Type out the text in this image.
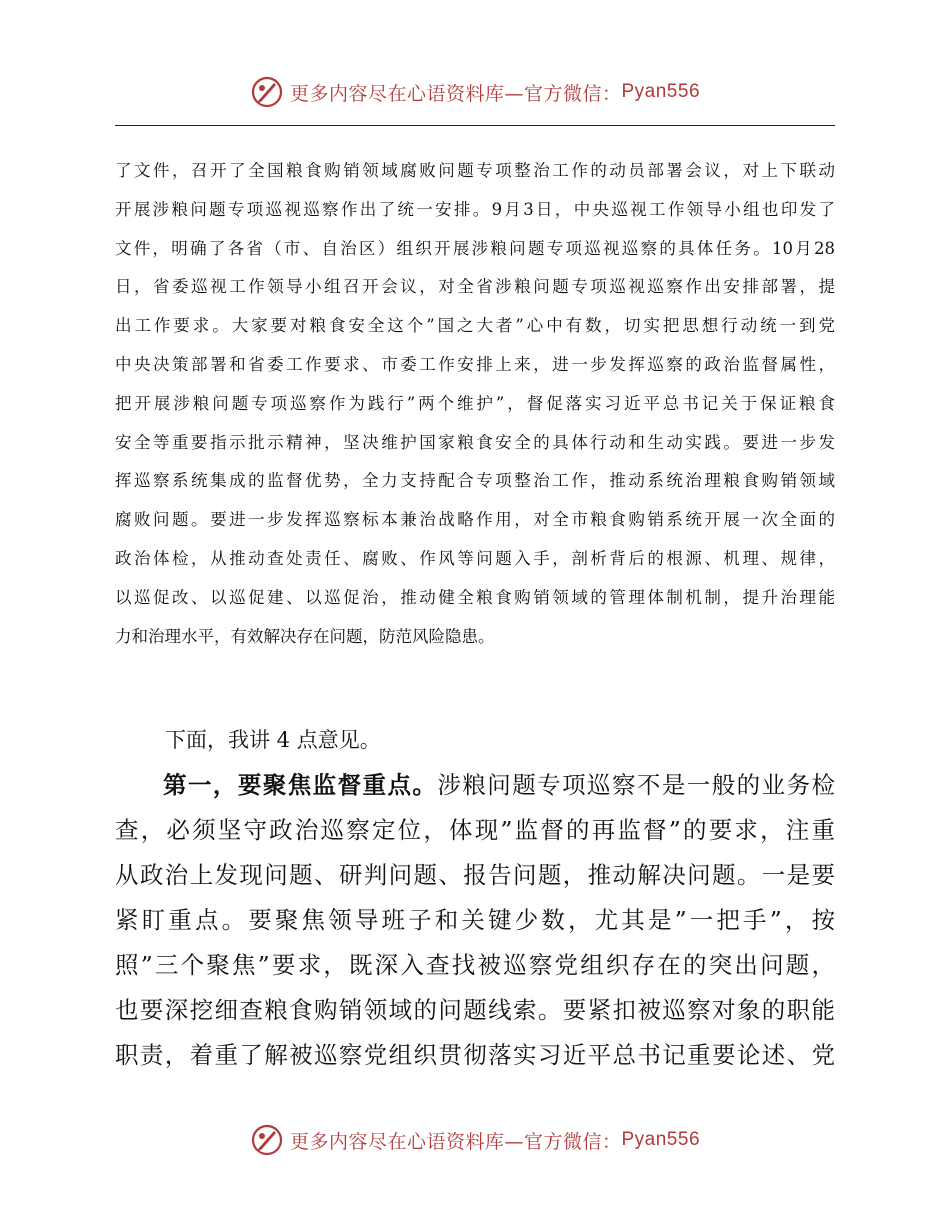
更多内容尽在心语资料库—官方微信： Pyan556
了文件，召开了全国粮食购销领域腐败问题专项整治工作的动员部署会议，对上下联动
开展涉粮问题专项巡视巡察作出了统一安排。9月3日，中央巡视工作领导小组也印发了
文件，明确了各省（市、自治区）组织开展涉粮问题专项巡视巡察的具体任务。10月28
日，省委巡视工作领导小组召开会议，对全省涉粮问题专项巡视巡察作出安排部署，提
出工作要求。大家要对粮食安全这个”国之大者”心中有数，切实把思想行动统一到党
中央决策部署和省委工作要求、市委工作安排上来，进一步发挥巡察的政治监督属性，
把开展涉粮问题专项巡察作为践行”两个维护”，督促落实习近平总书记关于保证粮食
安全等重要指示批示精神，坚决维护国家粮食安全的具体行动和生动实践。要进一步发
挥巡察系统集成的监督优势，全力支持配合专项整治工作，推动系统治理粮食购销领域
腐败问题。要进一步发挥巡察标本兼治战略作用，对全市粮食购销系统开展一次全面的
政治体检，从推动查处责任、腐败、作风等问题入手，剖析背后的根源、机理、规律，
以巡促改、以巡促建、以巡促治，推动健全粮食购销领域的管理体制机制，提升治理能
力和治理水平，有效解决存在问题，防范风险隐患。
下面，我讲 4 点意见。
第一，要聚焦监督重点。涉粮问题专项巡察不是一般的业务检
查，必须坚守政治巡察定位，体现”监督的再监督”的要求，注重
从政治上发现问题、研判问题、报告问题，推动解决问题。一是要
紧盯重点。要聚焦领导班子和关键少数，尤其是”一把手”，按
照”三个聚焦”要求，既深入查找被巡察党组织存在的突出问题，
也要深挖细查粮食购销领域的问题线索。要紧扣被巡察对象的职能
职责，着重了解被巡察党组织贯彻落实习近平总书记重要论述、党
更多内容尽在心语资料库—官方微信： Pyan556
